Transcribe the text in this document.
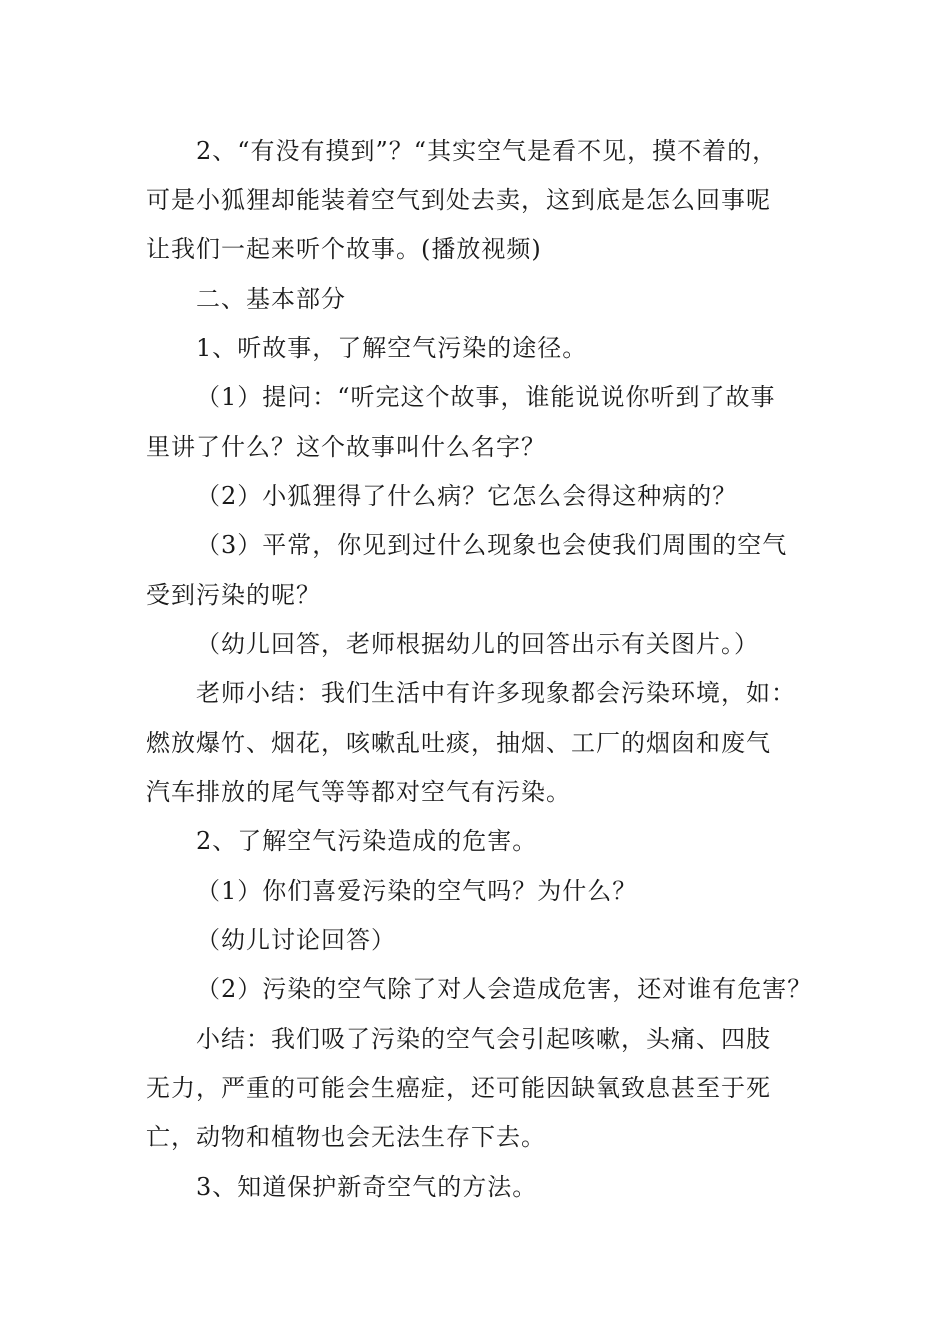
2、“有没有摸到”？“其实空气是看不见，摸不着的，
可是小狐狸却能装着空气到处去卖，这到底是怎么回事呢
让我们一起来听个故事。(播放视频)
二、基本部分
1、听故事，了解空气污染的途径。
（1）提问：“听完这个故事，谁能说说你听到了故事
里讲了什么？这个故事叫什么名字？
（2）小狐狸得了什么病？它怎么会得这种病的？
（3）平常，你见到过什么现象也会使我们周围的空气
受到污染的呢？
（幼儿回答，老师根据幼儿的回答出示有关图片。）
老师小结：我们生活中有许多现象都会污染环境，如：
燃放爆竹、烟花，咳嗽乱吐痰，抽烟、工厂的烟囱和废气
汽车排放的尾气等等都对空气有污染。
2、了解空气污染造成的危害。
（1）你们喜爱污染的空气吗？为什么？
（幼儿讨论回答）
（2）污染的空气除了对人会造成危害，还对谁有危害？
小结：我们吸了污染的空气会引起咳嗽，头痛、四肢
无力，严重的可能会生癌症，还可能因缺氧致息甚至于死
亡，动物和植物也会无法生存下去。
3、知道保护新奇空气的方法。
